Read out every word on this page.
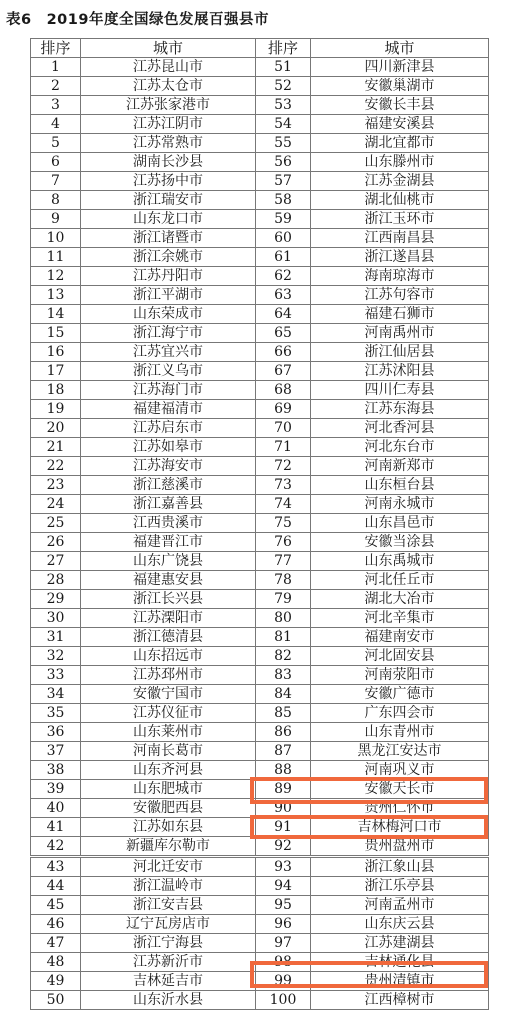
表6　2019年度全国绿色发展百强县市
排序	城市	排序	城市
1	江苏昆山市	51	四川新津县
2	江苏太仓市	52	安徽巢湖市
3	江苏张家港市	53	安徽长丰县
4	江苏江阴市	54	福建安溪县
5	江苏常熟市	55	湖北宜都市
6	湖南长沙县	56	山东滕州市
7	江苏扬中市	57	江苏金湖县
8	浙江瑞安市	58	湖北仙桃市
9	山东龙口市	59	浙江玉环市
10	浙江诸暨市	60	江西南昌县
11	浙江余姚市	61	浙江遂昌县
12	江苏丹阳市	62	海南琼海市
13	浙江平湖市	63	江苏句容市
14	山东荣成市	64	福建石狮市
15	浙江海宁市	65	河南禹州市
16	江苏宜兴市	66	浙江仙居县
17	浙江义乌市	67	江苏沭阳县
18	江苏海门市	68	四川仁寿县
19	福建福清市	69	江苏东海县
20	江苏启东市	70	河北香河县
21	江苏如皋市	71	河北东台市
22	江苏海安市	72	河南新郑市
23	浙江慈溪市	73	山东桓台县
24	浙江嘉善县	74	河南永城市
25	江西贵溪市	75	山东昌邑市
26	福建晋江市	76	安徽当涂县
27	山东广饶县	77	山东禹城市
28	福建惠安县	78	河北任丘市
29	浙江长兴县	79	湖北大冶市
30	江苏溧阳市	80	河北辛集市
31	浙江德清县	81	福建南安市
32	山东招远市	82	河北固安县
33	江苏邳州市	83	河南荥阳市
34	安徽宁国市	84	安徽广德市
35	江苏仪征市	85	广东四会市
36	山东莱州市	86	山东青州市
37	河南长葛市	87	黑龙江安达市
38	山东齐河县	88	河南巩义市
39	山东肥城市	89	安徽天长市
40	安徽肥西县	90	贵州仁怀市
41	江苏如东县	91	吉林梅河口市
42	新疆库尔勒市	92	贵州盘州市
43	河北迁安市	93	浙江象山县
44	浙江温岭市	94	浙江乐亭县
45	浙江安吉县	95	河南孟州市
46	辽宁瓦房店市	96	山东庆云县
47	浙江宁海县	97	江苏建湖县
48	江苏新沂市	98	吉林通化县
49	吉林延吉市	99	贵州清镇市
50	山东沂水县	100	江西樟树市
